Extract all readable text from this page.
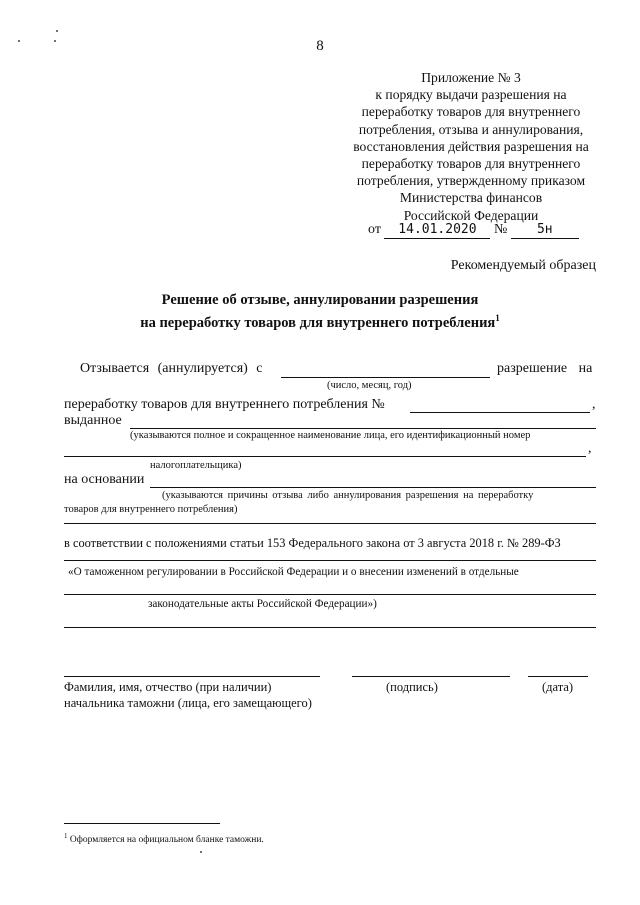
8
Приложение № 3
к порядку выдачи разрешения на
переработку товаров для внутреннего
потребления, отзыва и аннулирования,
восстановления действия разрешения на
переработку товаров для внутреннего
потребления, утвержденному приказом
Министерства финансов
Российской Федерации
от 14.01.2020 № 5н
Рекомендуемый образец
Решение об отзыве, аннулировании разрешения
на переработку товаров для внутреннего потребления$^1$
Отзывается (аннулируется) с	разрешение на
(число, месяц, год)
переработку товаров для внутреннего потребления №	,
выданное
(указываются полное и сокращенное наименование лица, его идентификационный номер
,
налогоплательщика)
на основании
(указываются причины отзыва либо аннулирования разрешения на переработку
товаров для внутреннего потребления)
в соответствии с положениями статьи 153 Федерального закона от 3 августа 2018 г. № 289-ФЗ
«О таможенном регулировании в Российской Федерации и о внесении изменений в отдельные
законодательные акты Российской Федерации»)
Фамилия, имя, отчество (при наличии)
начальника таможни (лица, его замещающего)
(подпись)	(дата)
$^1$ Оформляется на официальном бланке таможни.
